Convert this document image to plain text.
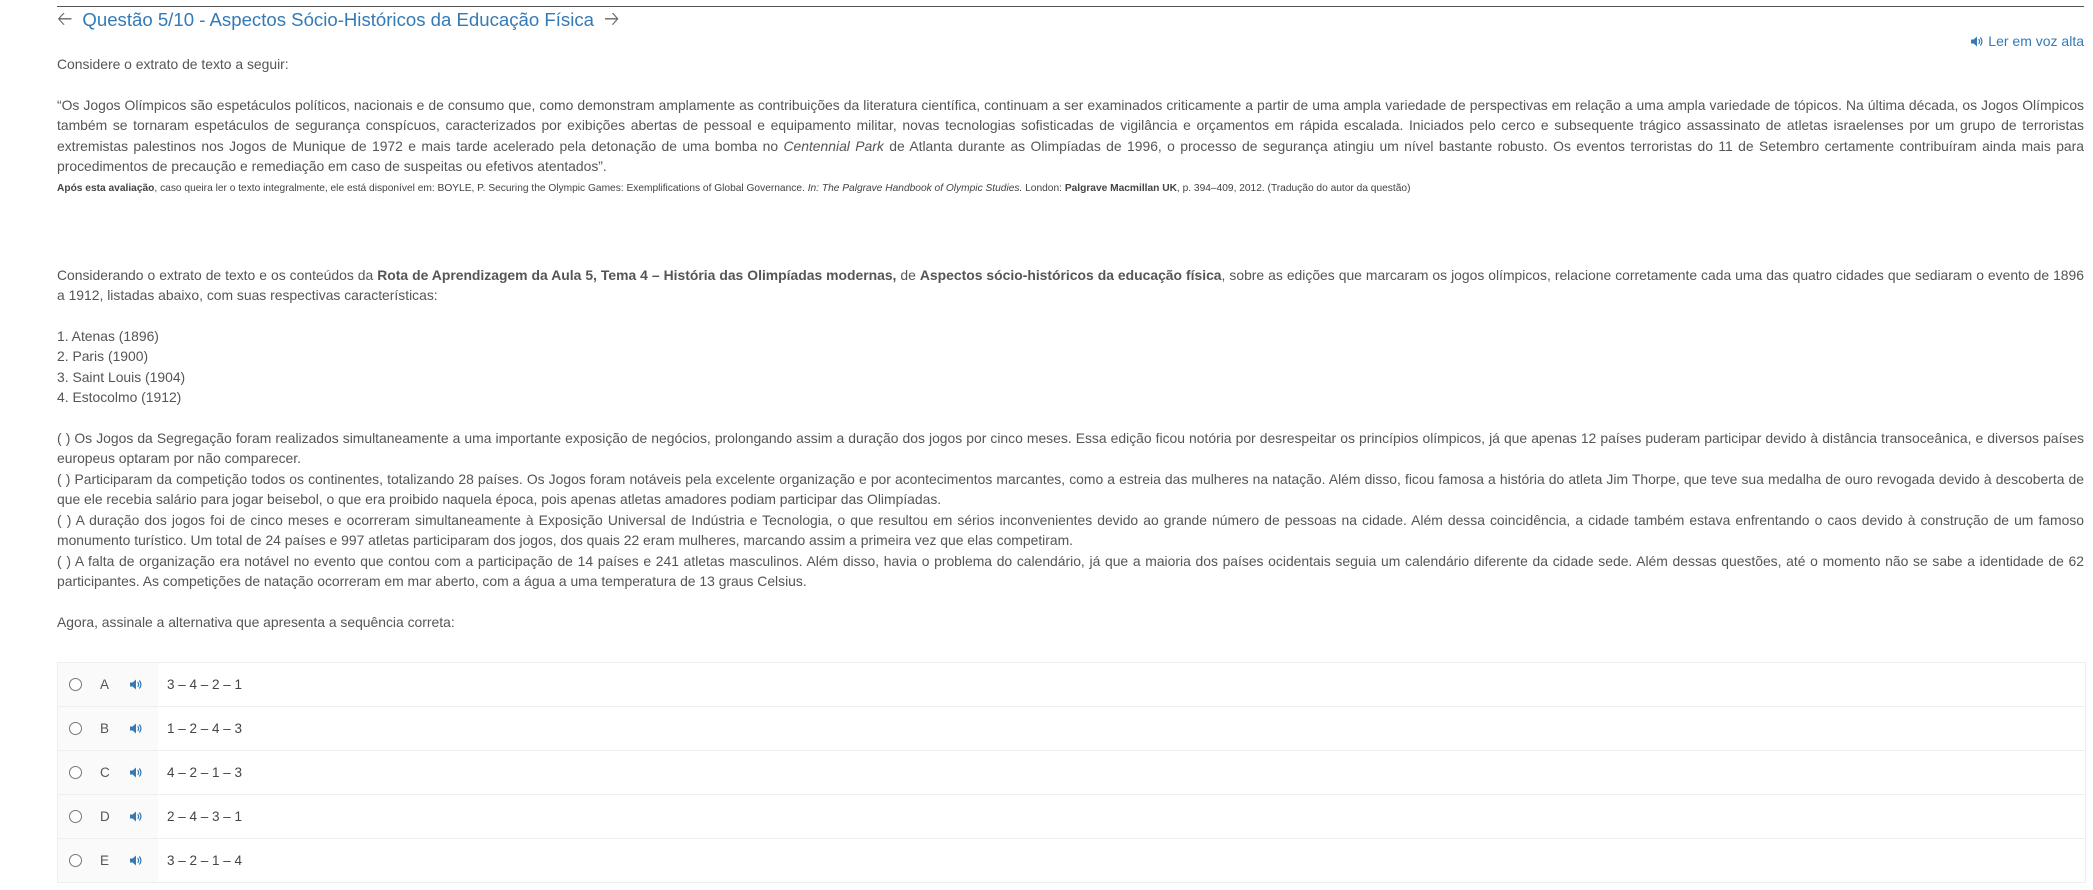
🡠 Questão 5/10 - Aspectos Sócio-Históricos da Educação Física 🡢
Ler em voz alta

Considere o extrato de texto a seguir:

“Os Jogos Olímpicos são espetáculos políticos, nacionais e de consumo que, como demonstram amplamente as contribuições da literatura científica, continuam a ser examinados criticamente a partir de uma ampla variedade de perspectivas em relação a uma ampla variedade de tópicos. Na última década, os Jogos Olímpicos também se tornaram espetáculos de segurança conspícuos, caracterizados por exibições abertas de pessoal e equipamento militar, novas tecnologias sofisticadas de vigilância e orçamentos em rápida escalada. Iniciados pelo cerco e subsequente trágico assassinato de atletas israelenses por um grupo de terroristas extremistas palestinos nos Jogos de Munique de 1972 e mais tarde acelerado pela detonação de uma bomba no Centennial Park de Atlanta durante as Olimpíadas de 1996, o processo de segurança atingiu um nível bastante robusto. Os eventos terroristas do 11 de Setembro certamente contribuíram ainda mais para procedimentos de precaução e remediação em caso de suspeitas ou efetivos atentados”.

Após esta avaliação, caso queira ler o texto integralmente, ele está disponível em: BOYLE, P. Securing the Olympic Games: Exemplifications of Global Governance. In: The Palgrave Handbook of Olympic Studies. London: Palgrave Macmillan UK, p. 394–409, 2012. (Tradução do autor da questão)

Considerando o extrato de texto e os conteúdos da Rota de Aprendizagem da Aula 5, Tema 4 – História das Olimpíadas modernas, de Aspectos sócio-históricos da educação física, sobre as edições que marcaram os jogos olímpicos, relacione corretamente cada uma das quatro cidades que sediaram o evento de 1896 a 1912, listadas abaixo, com suas respectivas características:

1. Atenas (1896)

2. Paris (1900)

3. Saint Louis (1904)

4. Estocolmo (1912)

( ) Os Jogos da Segregação foram realizados simultaneamente a uma importante exposição de negócios, prolongando assim a duração dos jogos por cinco meses. Essa edição ficou notória por desrespeitar os princípios olímpicos, já que apenas 12 países puderam participar devido à distância transoceânica, e diversos países europeus optaram por não comparecer.

( ) Participaram da competição todos os continentes, totalizando 28 países. Os Jogos foram notáveis pela excelente organização e por acontecimentos marcantes, como a estreia das mulheres na natação. Além disso, ficou famosa a história do atleta Jim Thorpe, que teve sua medalha de ouro revogada devido à descoberta de que ele recebia salário para jogar beisebol, o que era proibido naquela época, pois apenas atletas amadores podiam participar das Olimpíadas.

( ) A duração dos jogos foi de cinco meses e ocorreram simultaneamente à Exposição Universal de Indústria e Tecnologia, o que resultou em sérios inconvenientes devido ao grande número de pessoas na cidade. Além dessa coincidência, a cidade também estava enfrentando o caos devido à construção de um famoso monumento turístico. Um total de 24 países e 997 atletas participaram dos jogos, dos quais 22 eram mulheres, marcando assim a primeira vez que elas competiram.

( ) A falta de organização era notável no evento que contou com a participação de 14 países e 241 atletas masculinos. Além disso, havia o problema do calendário, já que a maioria dos países ocidentais seguia um calendário diferente da cidade sede. Além dessas questões, até o momento não se sabe a identidade de 62 participantes. As competições de natação ocorreram em mar aberto, com a água a uma temperatura de 13 graus Celsius.

Agora, assinale a alternativa que apresenta a sequência correta:

A	3 – 4 – 2 – 1
B	1 – 2 – 4 – 3
C	4 – 2 – 1 – 3
D	2 – 4 – 3 – 1
E	3 – 2 – 1 – 4
